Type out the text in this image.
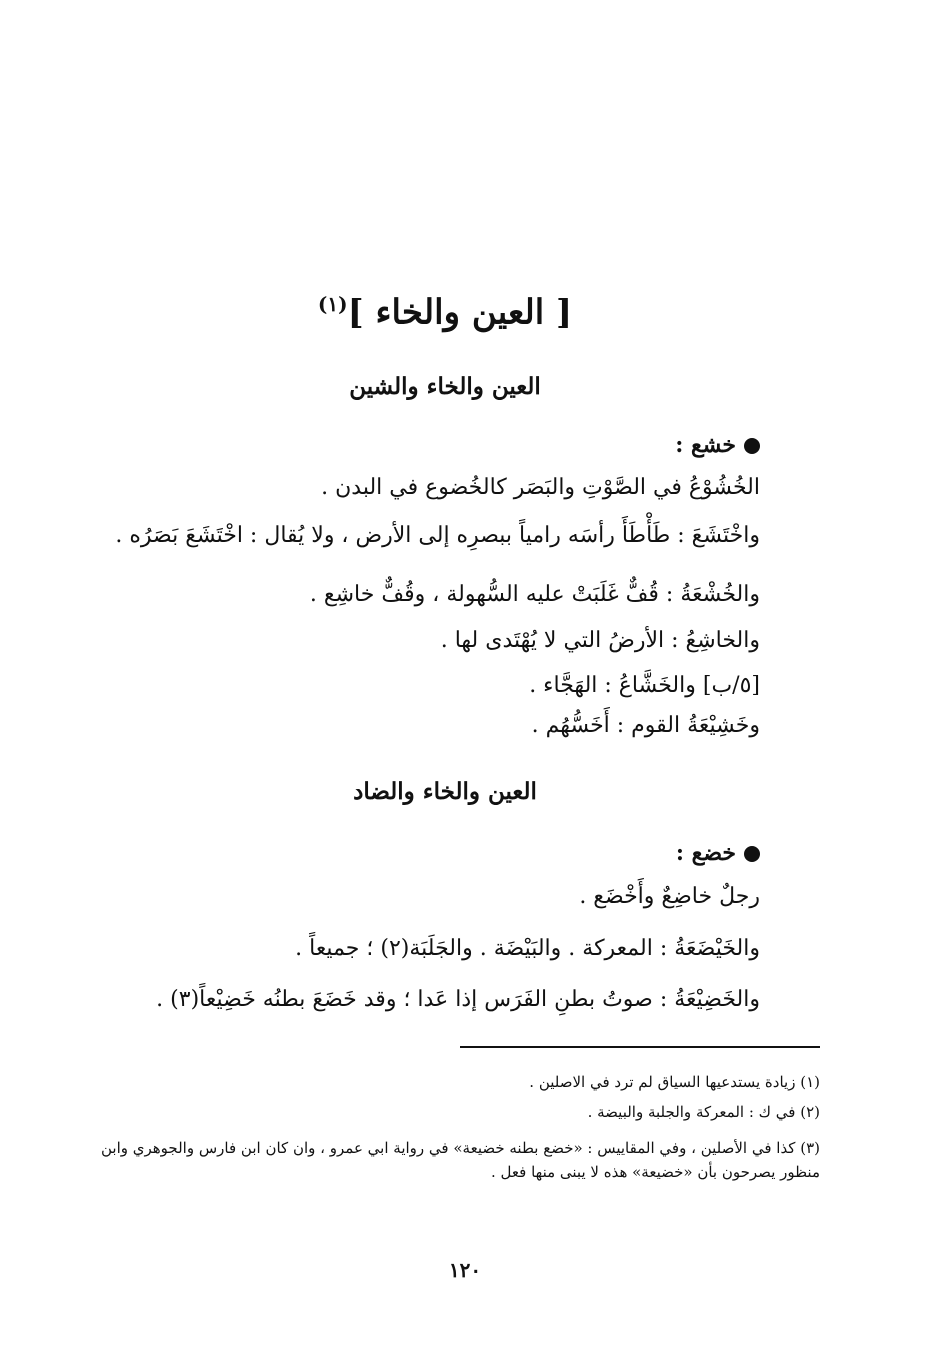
[ العين والخاء ]$^{(١)}$
العين والخاء والشين

خشع :

الخُشُوْعُ في الصَّوْتِ والبَصَر كالخُضوع في البدن .

واخْتَشَعَ : طَأْطَأَ رأسَه رامياً ببصرِه إلى الأرض ، ولا يُقال : اخْتَشَعَ بَصَرُه .

والخُشْعَةُ : قُفٌّ غَلَبَتْ عليه السُّهولة ، وقُفٌّ خاشِع .

والخاشِعُ : الأرضُ التي لا يُهْتَدى لها .

[٥/ب] والخَشَّاعُ : الهَجَّاء .

وخَشِيْعَةُ القوم : أَخَسُّهُم .

العين والخاء والضاد

خضع :

رجلٌ خاضِعٌ وأَخْضَع .

والخَيْضَعَةُ : المعركة . والبَيْضَة . والجَلَبَة(٢) ؛ جميعاً .

والخَضِيْعَةُ : صوتُ بطنِ الفَرَس إذا عَدا ؛ وقد خَضَعَ بطنُه خَضِيْعاً(٣) .

(١) زيادة يستدعيها السياق لم ترد في الاصلين .

(٢) في ك : المعركة والجلبة والبيضة .

(٣) كذا في الأصلين ، وفي المقاييس : «خضع بطنه خضيعة» في رواية ابي عمرو ، وان كان ابن فارس والجوهري وابن منظور يصرحون بأن «خضيعة» هذه لا يبنى منها فعل .

١٢٠
